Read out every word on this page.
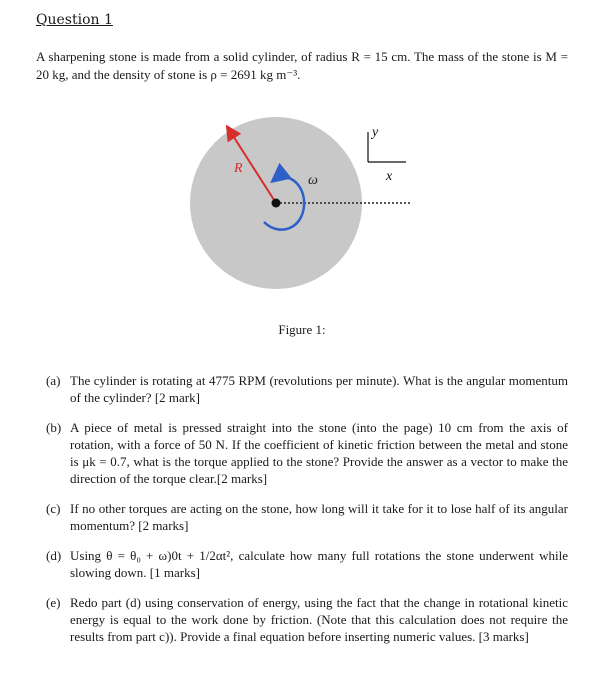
Question 1
A sharpening stone is made from a solid cylinder, of radius R = 15 cm. The mass of the stone is M = 20 kg, and the density of stone is ρ = 2691 kg m⁻³.
R
ω
y
x
Figure 1:
(a) The cylinder is rotating at 4775 RPM (revolutions per minute). What is the angular momentum of the cylinder? [2 mark]
(b) A piece of metal is pressed straight into the stone (into the page) 10 cm from the axis of rotation, with a force of 50 N. If the coefficient of kinetic friction between the metal and stone is μk = 0.7, what is the torque applied to the stone? Provide the answer as a vector to make the direction of the torque clear.[2 marks]
(c) If no other torques are acting on the stone, how long will it take for it to lose half of its angular momentum? [2 marks]
(d) Using θ = θ₀ + ω)0t + 1/2αt², calculate how many full rotations the stone underwent while slowing down. [1 marks]
(e) Redo part (d) using conservation of energy, using the fact that the change in rotational kinetic energy is equal to the work done by friction. (Note that this calculation does not require the results from part c)). Provide a final equation before inserting numeric values. [3 marks]
